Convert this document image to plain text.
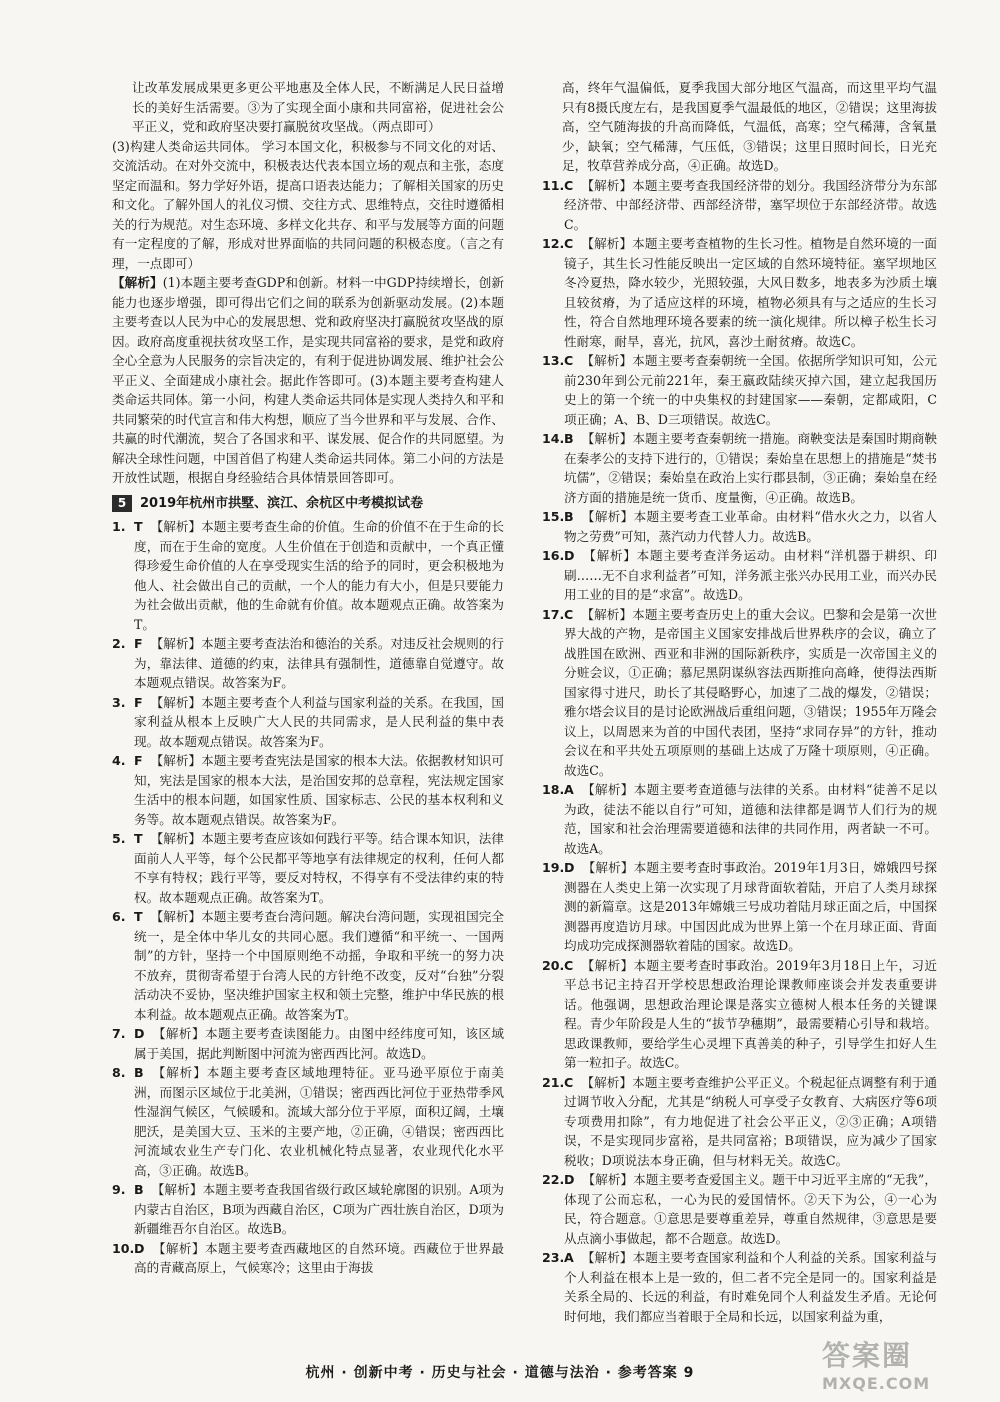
让改革发展成果更多更公平地惠及全体人民，不断满足人民日益增长的美好生活需要。③为了实现全面小康和共同富裕，促进社会公平正义，党和政府坚决要打赢脱贫攻坚战。（两点即可）

(3)构建人类命运共同体。 学习本国文化，积极参与不同文化的对话、交流活动。在对外交流中，积极表达代表本国立场的观点和主张，态度坚定而温和。努力学好外语，提高口语表达能力；了解相关国家的历史和文化。了解外国人的礼仪习惯、交往方式、思维特点，交往时遵循相关的行为规范。对生态环境、多样文化共存、和平与发展等方面的问题有一定程度的了解，形成对世界面临的共同问题的积极态度。（言之有理，一点即可）

【解析】(1)本题主要考查GDP和创新。材料一中GDP持续增长，创新能力也逐步增强，即可得出它们之间的联系为创新驱动发展。(2)本题主要考查以人民为中心的发展思想、党和政府坚决打赢脱贫攻坚战的原因。政府高度重视扶贫攻坚工作，是实现共同富裕的要求，是党和政府全心全意为人民服务的宗旨决定的，有利于促进协调发展、维护社会公平正义、全面建成小康社会。据此作答即可。(3)本题主要考查构建人类命运共同体。第一小问，构建人类命运共同体是实现人类持久和平和共同繁荣的时代宣言和伟大构想，顺应了当今世界和平与发展、合作、共赢的时代潮流，契合了各国求和平、谋发展、促合作的共同愿望。为解决全球性问题，中国首倡了构建人类命运共同体。第二小问的方法是开放性试题，根据自身经验结合具体情景回答即可。

5	2019年杭州市拱墅、滨江、余杭区中考模拟试卷
1. T 【解析】本题主要考查生命的价值。生命的价值不在于生命的长度，而在于生命的宽度。人生价值在于创造和贡献中，一个真正懂得珍爱生命价值的人在享受现实生活的给予的同时，更会积极地为他人、社会做出自己的贡献，一个人的能力有大小，但是只要能力为社会做出贡献，他的生命就有价值。故本题观点正确。故答案为T。
2. F 【解析】本题主要考查法治和德治的关系。对违反社会规则的行为，靠法律、道德的约束，法律具有强制性，道德靠自觉遵守。故本题观点错误。故答案为F。
3. F 【解析】本题主要考查个人利益与国家利益的关系。在我国，国家利益从根本上反映广大人民的共同需求，是人民利益的集中表现。故本题观点错误。故答案为F。
4. F 【解析】本题主要考查宪法是国家的根本大法。依据教材知识可知，宪法是国家的根本大法，是治国安邦的总章程，宪法规定国家生活中的根本问题，如国家性质、国家标志、公民的基本权利和义务等。故本题观点错误。故答案为F。
5. T 【解析】本题主要考查应该如何践行平等。结合课本知识，法律面前人人平等，每个公民都平等地享有法律规定的权利，任何人都不享有特权；践行平等，要反对特权，不得享有不受法律约束的特权。故本题观点正确。故答案为T。
6. T 【解析】本题主要考查台湾问题。解决台湾问题，实现祖国完全统一，是全体中华儿女的共同心愿。我们遵循“和平统一、一国两制”的方针，坚持一个中国原则绝不动摇，争取和平统一的努力决不放弃，贯彻寄希望于台湾人民的方针绝不改变，反对“台独”分裂活动决不妥协，坚决维护国家主权和领土完整，维护中华民族的根本利益。故本题观点正确。故答案为T。
7. D 【解析】本题主要考查读图能力。由图中经纬度可知，该区域属于美国，据此判断图中河流为密西西比河。故选D。
8. B 【解析】本题主要考查区域地理特征。亚马逊平原位于南美洲，而图示区域位于北美洲，①错误；密西西比河位于亚热带季风性湿润气候区，气候暖和。流域大部分位于平原，面积辽阔，土壤肥沃，是美国大豆、玉米的主要产地，②正确，④错误；密西西比河流域农业生产专门化、农业机械化特点显著，农业现代化水平高，③正确。故选B。
9. B 【解析】本题主要考查我国省级行政区域轮廓图的识别。A项为内蒙古自治区，B项为西藏自治区，C项为广西壮族自治区，D项为新疆维吾尔自治区。故选B。
10. D 【解析】本题主要考查西藏地区的自然环境。西藏位于世界最高的青藏高原上，气候寒冷；这里由于海拔

高，终年气温偏低，夏季我国大部分地区气温高，而这里平均气温只有8摄氏度左右，是我国夏季气温最低的地区，②错误；这里海拔高，空气随海拔的升高而降低，气温低，高寒；空气稀薄，含氧量少，缺氧；空气稀薄，气压低，③错误；这里日照时间长，日光充足，牧草营养成分高，④正确。故选D。

11. C 【解析】本题主要考查我国经济带的划分。我国经济带分为东部经济带、中部经济带、西部经济带，塞罕坝位于东部经济带。故选C。
12. C 【解析】本题主要考查植物的生长习性。植物是自然环境的一面镜子，其生长习性能反映出一定区域的自然环境特征。塞罕坝地区冬冷夏热，降水较少，光照较强，大风日数多，地表多为沙质土壤且较贫瘠，为了适应这样的环境，植物必须具有与之适应的生长习性，符合自然地理环境各要素的统一演化规律。所以樟子松生长习性耐寒，耐旱，喜光，抗风，喜沙土耐贫瘠。故选C。
13. C 【解析】本题主要考查秦朝统一全国。依据所学知识可知，公元前230年到公元前221年，秦王嬴政陆续灭掉六国，建立起我国历史上的第一个统一的中央集权的封建国家——秦朝，定都咸阳，C项正确；A、B、D三项错误。故选C。
14. B 【解析】本题主要考查秦朝统一措施。商鞅变法是秦国时期商鞅在秦孝公的支持下进行的，①错误；秦始皇在思想上的措施是“焚书坑儒”，②错误；秦始皇在政治上实行郡县制，③正确；秦始皇在经济方面的措施是统一货币、度量衡，④正确。故选B。
15. B 【解析】本题主要考查工业革命。由材料“借水火之力，以省人物之劳费”可知，蒸汽动力代替人力。故选B。
16. D 【解析】本题主要考查洋务运动。由材料“洋机器于耕织、印刷……无不自求利益者”可知，洋务派主张兴办民用工业，而兴办民用工业的目的是“求富”。故选D。
17. C 【解析】本题主要考查历史上的重大会议。巴黎和会是第一次世界大战的产物，是帝国主义国家安排战后世界秩序的会议，确立了战胜国在欧洲、西亚和非洲的国际新秩序，实质是一次帝国主义的分赃会议，①正确；慕尼黑阴谋纵容法西斯推向高峰，使得法西斯国家得寸进尺，助长了其侵略野心，加速了二战的爆发，②错误；雅尔塔会议目的是讨论欧洲战后重组问题，③错误；1955年万隆会议上，以周恩来为首的中国代表团，坚持“求同存异”的方针，推动会议在和平共处五项原则的基础上达成了万隆十项原则，④正确。故选C。
18. A 【解析】本题主要考查道德与法律的关系。由材料“徒善不足以为政，徒法不能以自行”可知，道德和法律都是调节人们行为的规范，国家和社会治理需要道德和法律的共同作用，两者缺一不可。故选A。
19. D 【解析】本题主要考查时事政治。2019年1月3日，嫦娥四号探测器在人类史上第一次实现了月球背面软着陆，开启了人类月球探测的新篇章。这是2013年嫦娥三号成功着陆月球正面之后，中国探测器再度造访月球。中国因此成为世界上第一个在月球正面、背面均成功完成探测器软着陆的国家。故选D。
20. C 【解析】本题主要考查时事政治。2019年3月18日上午，习近平总书记主持召开学校思想政治理论课教师座谈会并发表重要讲话。他强调，思想政治理论课是落实立德树人根本任务的关键课程。青少年阶段是人生的“拔节孕穗期”，最需要精心引导和栽培。思政课教师，要给学生心灵埋下真善美的种子，引导学生扣好人生第一粒扣子。故选C。
21. C 【解析】本题主要考查维护公平正义。个税起征点调整有利于通过调节收入分配，尤其是“纳税人可享受子女教育、大病医疗等6项专项费用扣除”，有力地促进了社会公平正义，②③正确；A项错误，不是实现同步富裕，是共同富裕；B项错误，应为减少了国家税收；D项说法本身正确，但与材料无关。故选C。
22. D 【解析】本题主要考查爱国主义。题干中习近平主席的“无我”，体现了公而忘私，一心为民的爱国情怀。②天下为公，④一心为民，符合题意。①意思是要尊重差异，尊重自然规律，③意思是要从点滴小事做起，都不合题意。故选D。
23. A 【解析】本题主要考查国家利益和个人利益的关系。国家利益与个人利益在根本上是一致的，但二者不完全是同一的。国家利益是关系全局的、长远的利益，有时难免同个人利益发生矛盾。无论何时何地，我们都应当着眼于全局和长远，以国家利益为重，
杭州 · 创新中考 · 历史与社会 · 道德与法治 · 参考答案 9
答案圈
MXQE.COM
